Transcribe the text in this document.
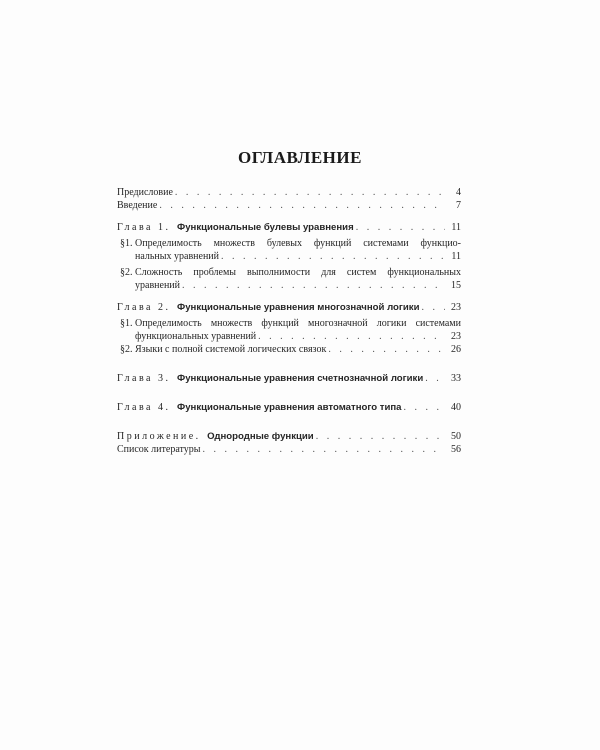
ОГЛАВЛЕНИЕ
Предисловие . . .	4
Введение . . .	7
Глава 1. Функциональные булевы уравнения . . .	11
§1. Определимость множеств булевых функций системами функцио-
нальных уравнений . . .	11
§2. Сложность проблемы выполнимости для систем функциональных
уравнений . . .	15
Глава 2. Функциональные уравнения многозначной логики . . .	23
§1. Определимость множеств функций многозначной логики системами
функциональных уравнений . . .	23
§2. Языки с полной системой логических связок . . .	26
Глава 3. Функциональные уравнения счетнозначной логики . . .	33
Глава 4. Функциональные уравнения автоматного типа . . .	40
Приложение. Однородные функции . . .	50
Список литературы . . .	56
